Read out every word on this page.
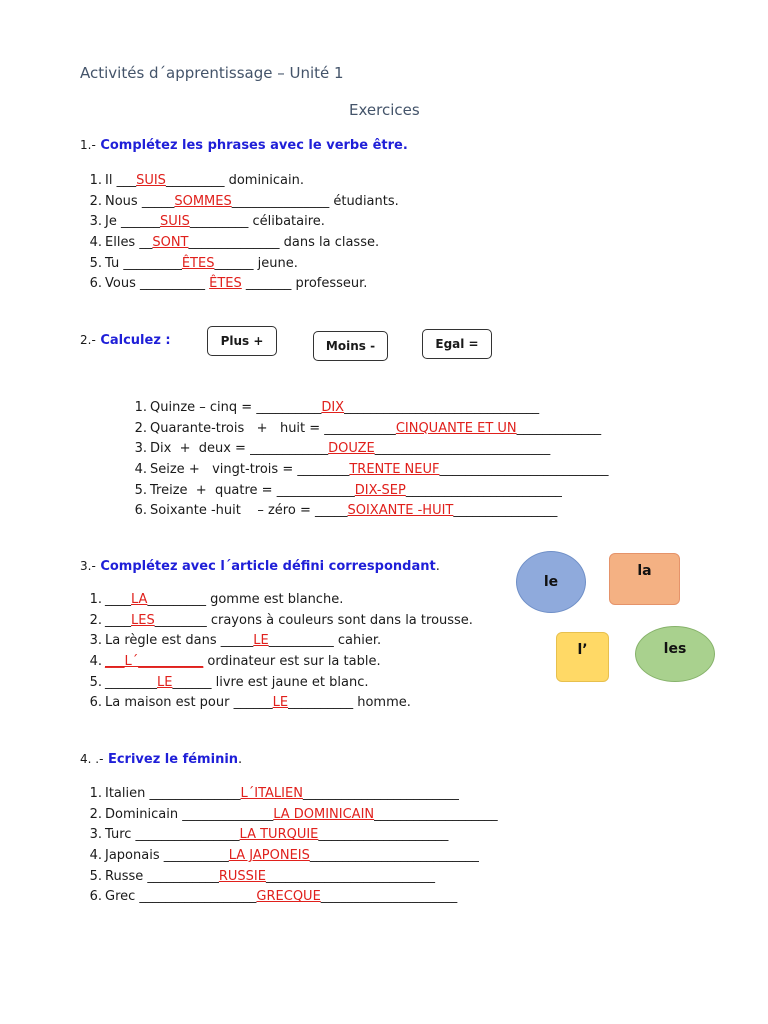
Activités d´apprentissage – Unité 1
Exercices
1.- Complétez les phrases avec le verbe être.
1. Il ___SUIS_________ dominicain.
2. Nous _____SOMMES_______________ étudiants.
3. Je ______SUIS_________ célibataire.
4. Elles __SONT______________ dans la classe.
5. Tu _________ÊTES______ jeune.
6. Vous __________ ÊTES _______ professeur.
2.- Calculez :	Plus +	Moins -	Egal =
1. Quinze – cinq = __________DIX______________________________
2. Quarante-trois   +   huit = ___________CINQUANTE ET UN_____________
3. Dix  +  deux = ____________DOUZE___________________________
4. Seize +   vingt-trois = ________TRENTE NEUF__________________________
5. Treize  +  quatre = ____________DIX-SEP________________________
6. Soixante -huit    – zéro = _____SOIXANTE -HUIT________________
3.- Complétez avec l´article défini correspondant.
1. ____LA_________ gomme est blanche.
2. ____LES________ crayons à couleurs sont dans la trousse.
3. La règle est dans _____LE__________ cahier.
4. ___L´__________ ordinateur est sur la table.
5. ________LE______ livre est jaune et blanc.
6. La maison est pour ______LE__________ homme.
le
la
l’	les
4. .- Ecrivez le féminin.
1. Italien ______________L´ITALIEN________________________
2. Dominicain ______________LA DOMINICAIN___________________
3. Turc ________________LA TURQUIE____________________
4. Japonais __________LA JAPONEIS__________________________
5. Russe ___________RUSSIE__________________________
6. Grec __________________GRECQUE_____________________
